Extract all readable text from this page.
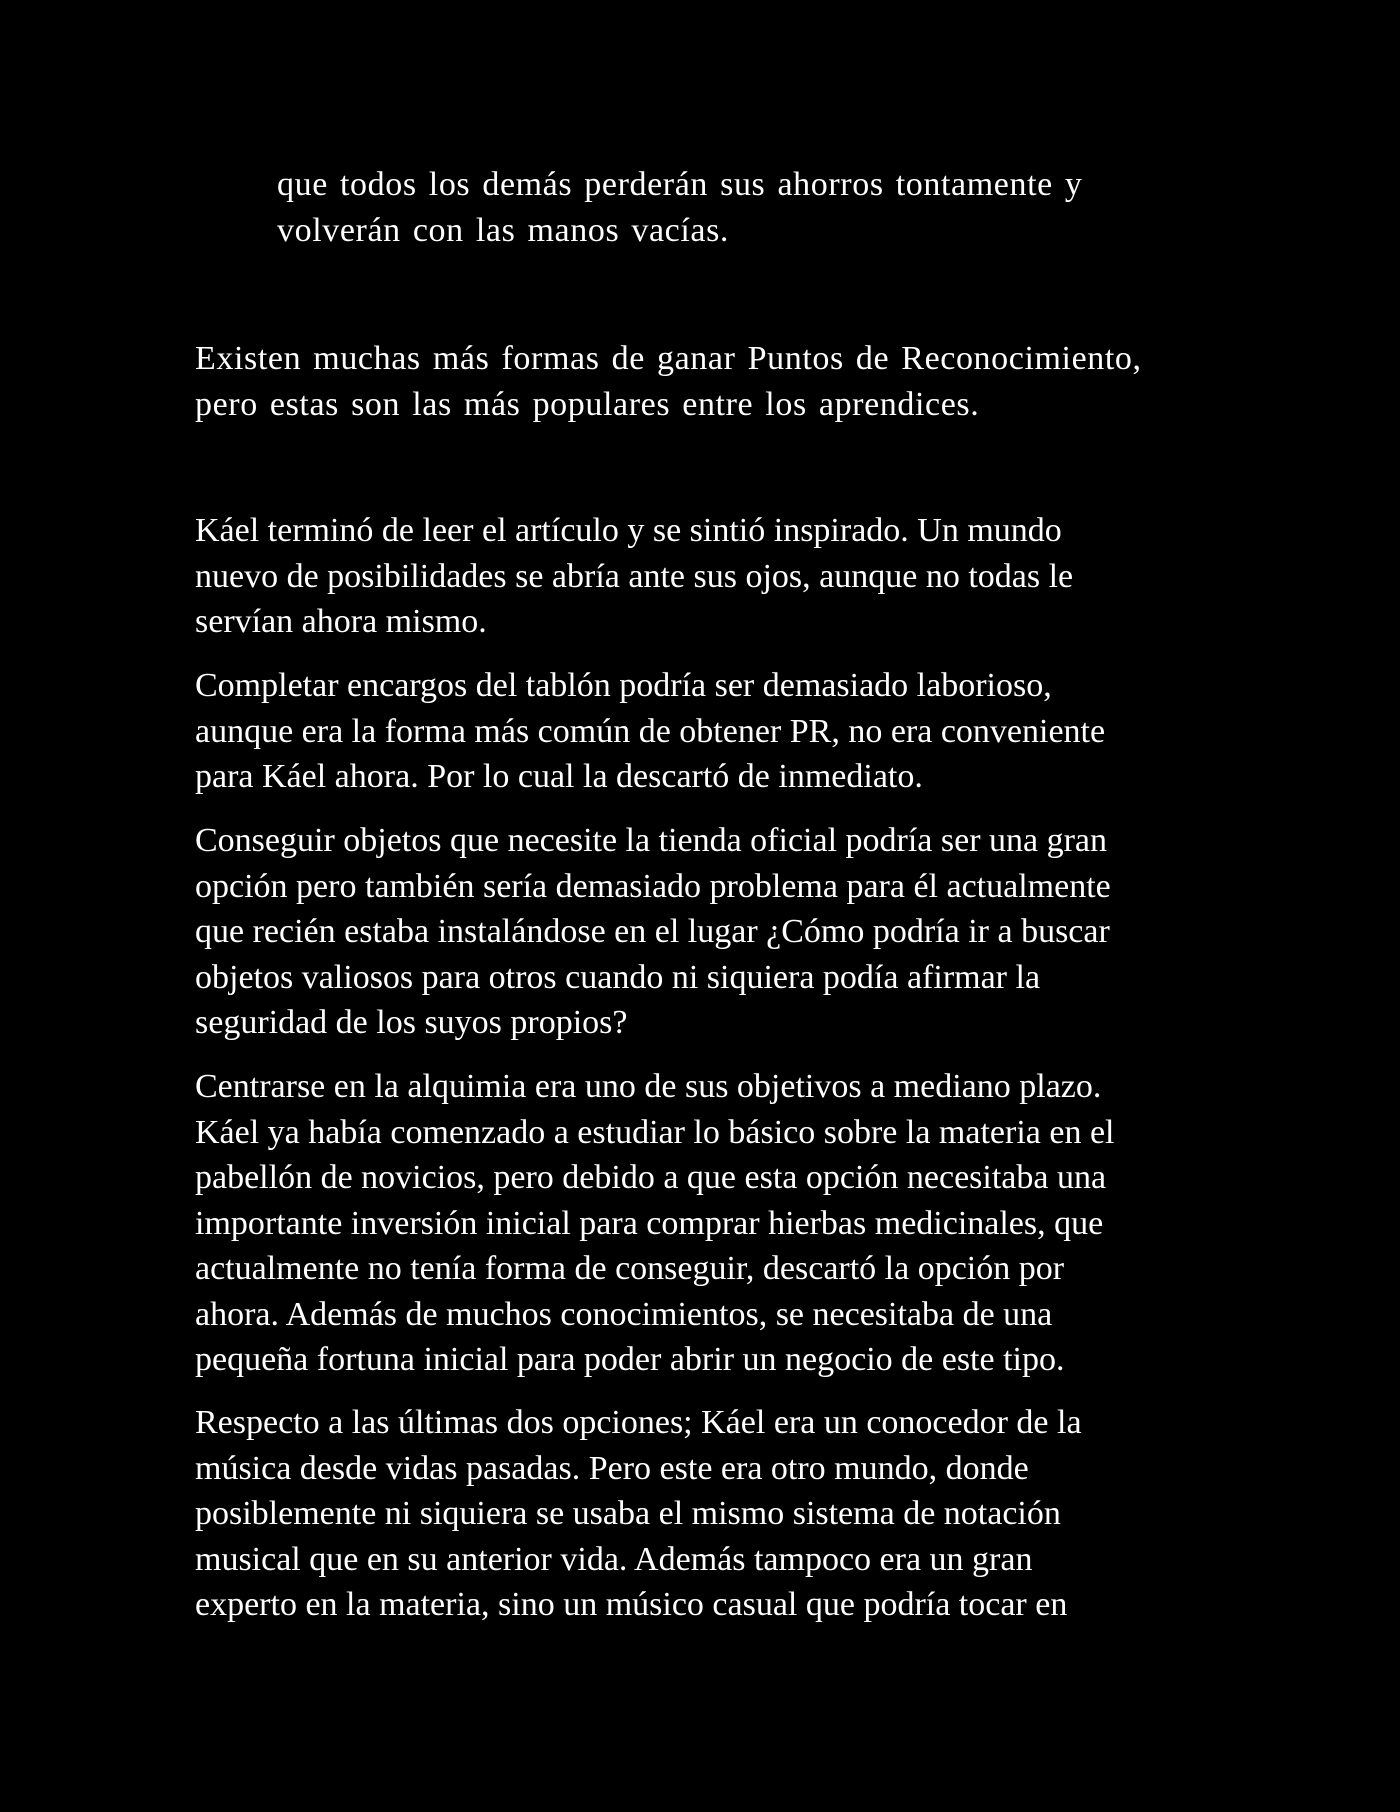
que todos los demás perderán sus ahorros tontamente y
volverán con las manos vacías.

Existen muchas más formas de ganar Puntos de Reconocimiento,
pero estas son las más populares entre los aprendices.

Káel terminó de leer el artículo y se sintió inspirado. Un mundo
nuevo de posibilidades se abría ante sus ojos, aunque no todas le
servían ahora mismo.

Completar encargos del tablón podría ser demasiado laborioso,
aunque era la forma más común de obtener PR, no era conveniente
para Káel ahora. Por lo cual la descartó de inmediato.

Conseguir objetos que necesite la tienda oficial podría ser una gran
opción pero también sería demasiado problema para él actualmente
que recién estaba instalándose en el lugar ¿Cómo podría ir a buscar
objetos valiosos para otros cuando ni siquiera podía afirmar la
seguridad de los suyos propios?

Centrarse en la alquimia era uno de sus objetivos a mediano plazo.
Káel ya había comenzado a estudiar lo básico sobre la materia en el
pabellón de novicios, pero debido a que esta opción necesitaba una
importante inversión inicial para comprar hierbas medicinales, que
actualmente no tenía forma de conseguir, descartó la opción por
ahora. Además de muchos conocimientos, se necesitaba de una
pequeña fortuna inicial para poder abrir un negocio de este tipo.

Respecto a las últimas dos opciones; Káel era un conocedor de la
música desde vidas pasadas. Pero este era otro mundo, donde
posiblemente ni siquiera se usaba el mismo sistema de notación
musical que en su anterior vida. Además tampoco era un gran
experto en la materia, sino un músico casual que podría tocar en
